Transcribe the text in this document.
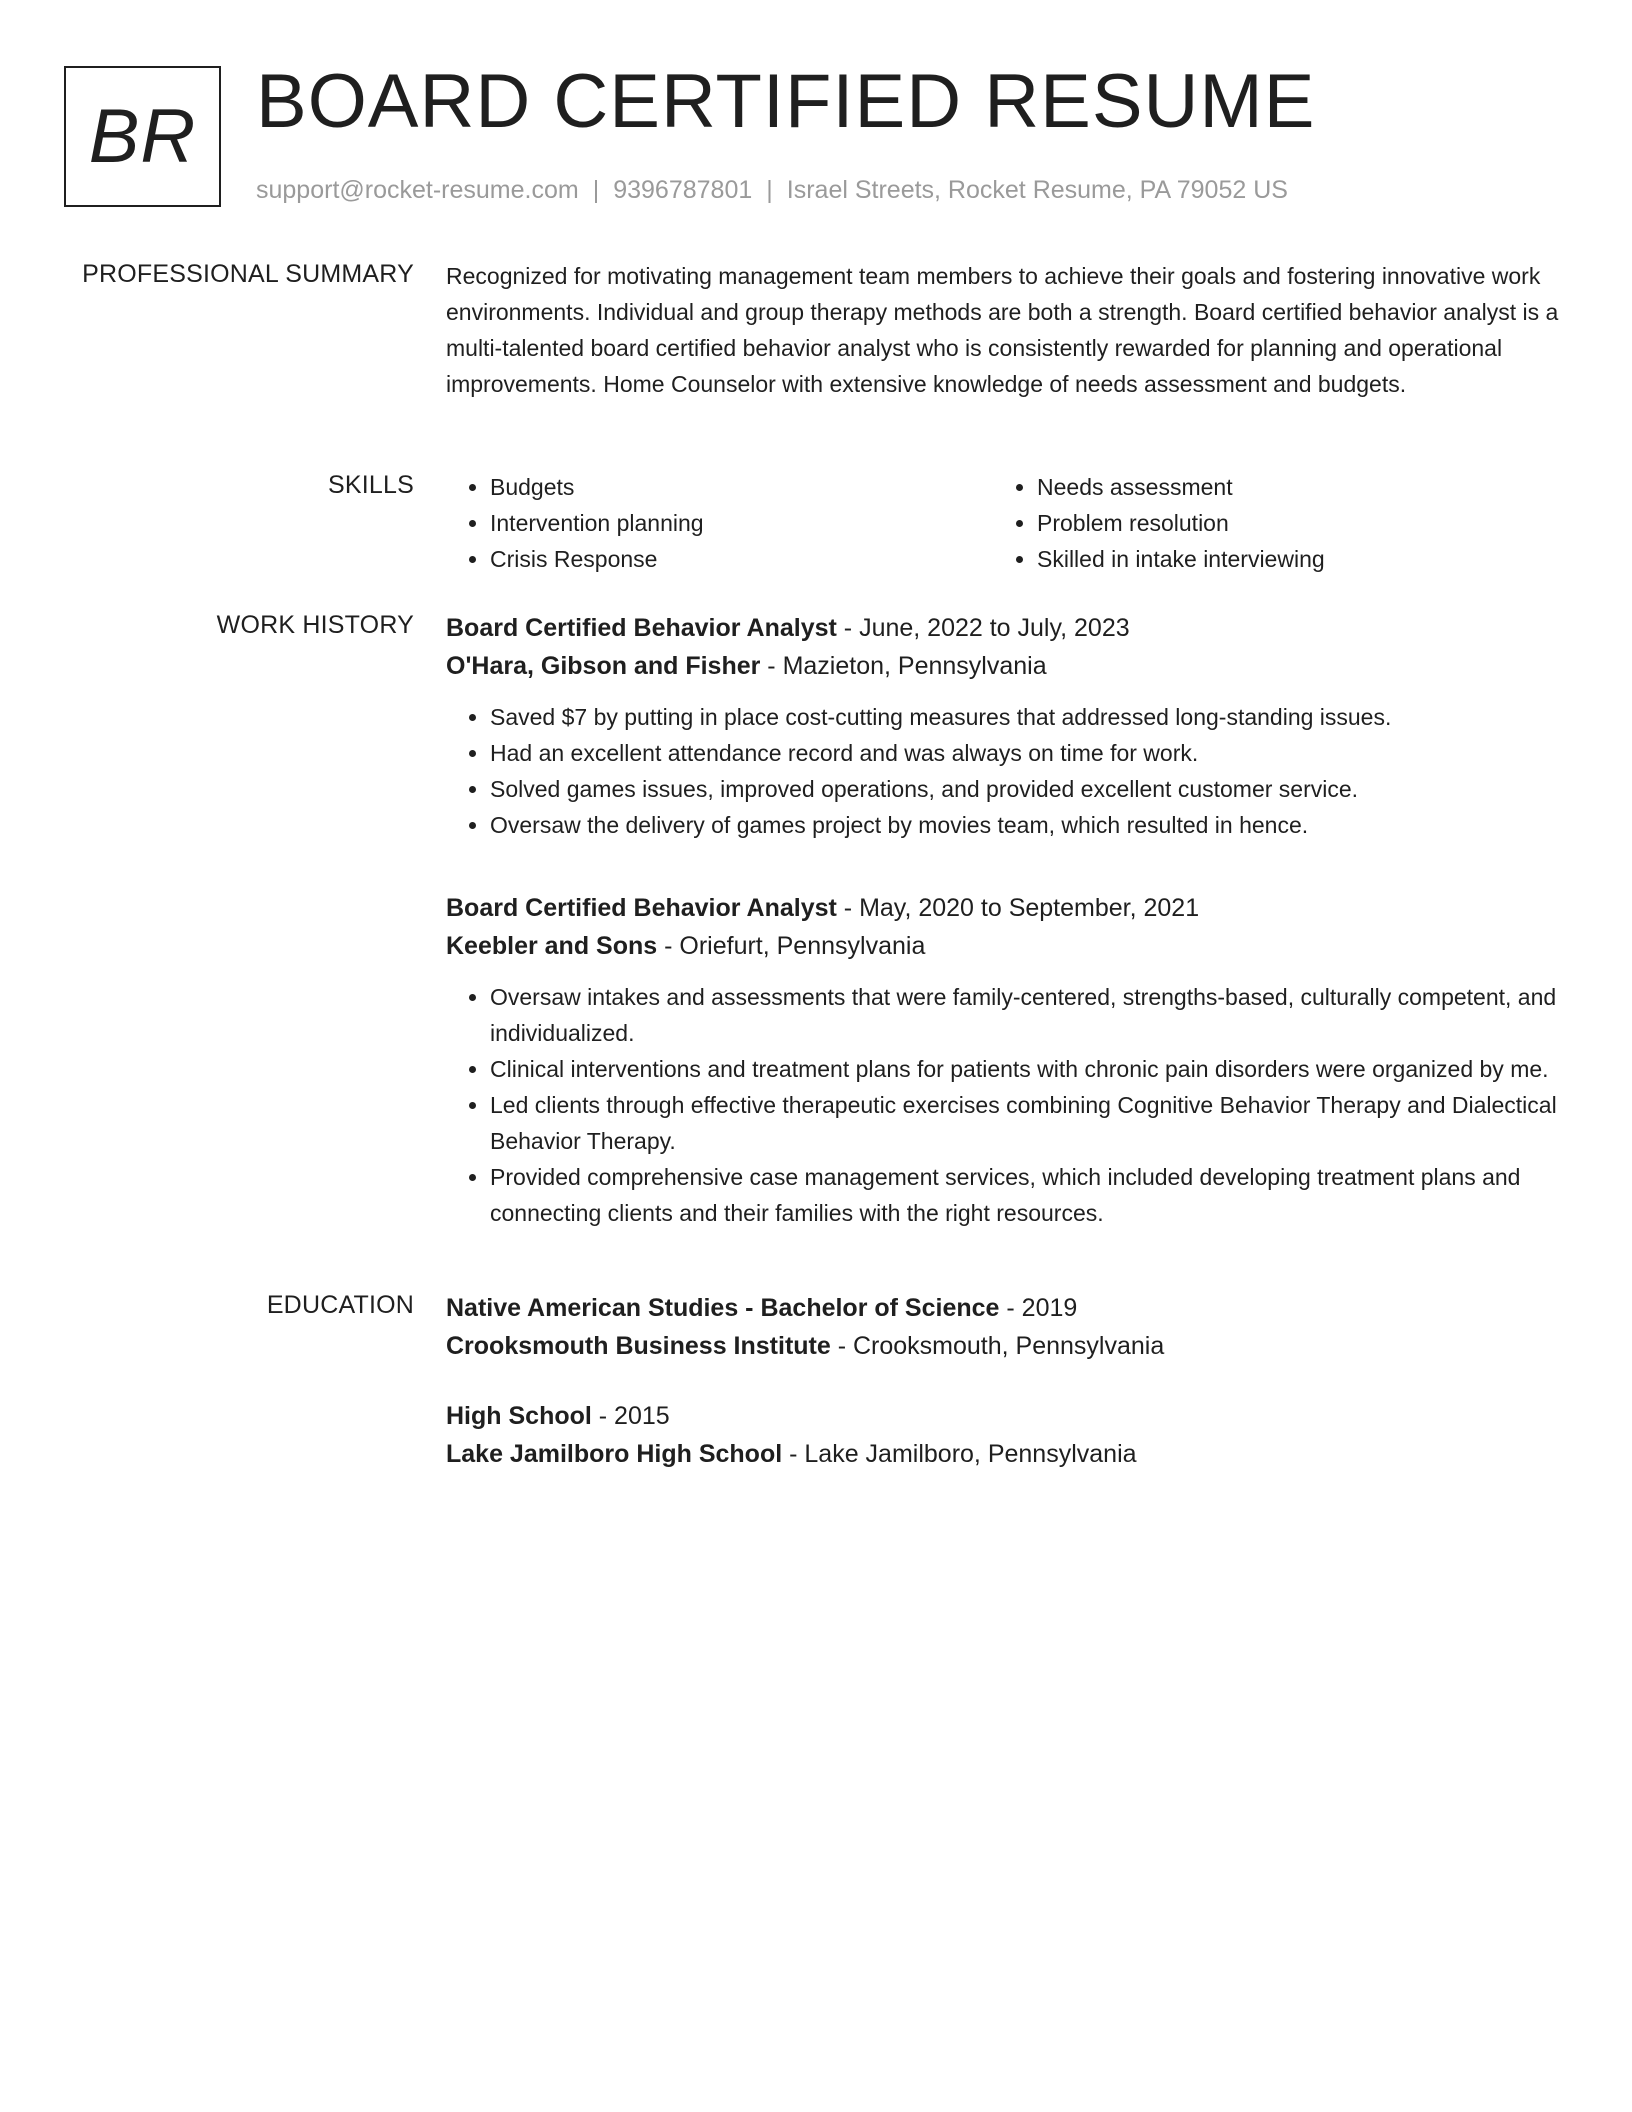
BR BOARD CERTIFIED RESUME
support@rocket-resume.com | 9396787801 | Israel Streets, Rocket Resume, PA 79052 US
PROFESSIONAL SUMMARY Recognized for motivating management team members to achieve their goals and fostering innovative work environments. Individual and group therapy methods are both a strength. Board certified behavior analyst is a multi-talented board certified behavior analyst who is consistently rewarded for planning and operational improvements. Home Counselor with extensive knowledge of needs assessment and budgets.

SKILLS
•	Budgets
• Intervention planning
• Crisis Response
• Needs assessment
• Problem resolution
• Skilled in intake interviewing
WORK HISTORY Board Certified Behavior Analyst - June, 2022 to July, 2023
O'Hara, Gibson and Fisher - Mazieton, Pennsylvania
• Saved $7 by putting in place cost-cutting measures that addressed long-standing issues.
• Had an excellent attendance record and was always on time for work.
• Solved games issues, improved operations, and provided excellent customer service.
• Oversaw the delivery of games project by movies team, which resulted in hence.
Board Certified Behavior Analyst - May, 2020 to September, 2021
Keebler and Sons - Oriefurt, Pennsylvania
• Oversaw intakes and assessments that were family-centered, strengths-based, culturally competent, and individualized.
• Clinical interventions and treatment plans for patients with chronic pain disorders were organized by me.
• Led clients through effective therapeutic exercises combining Cognitive Behavior Therapy and Dialectical Behavior Therapy.
• Provided comprehensive case management services, which included developing treatment plans and connecting clients and their families with the right resources.
EDUCATION Native American Studies - Bachelor of Science - 2019
Crooksmouth Business Institute - Crooksmouth, Pennsylvania
High School - 2015
Lake Jamilboro High School - Lake Jamilboro, Pennsylvania
